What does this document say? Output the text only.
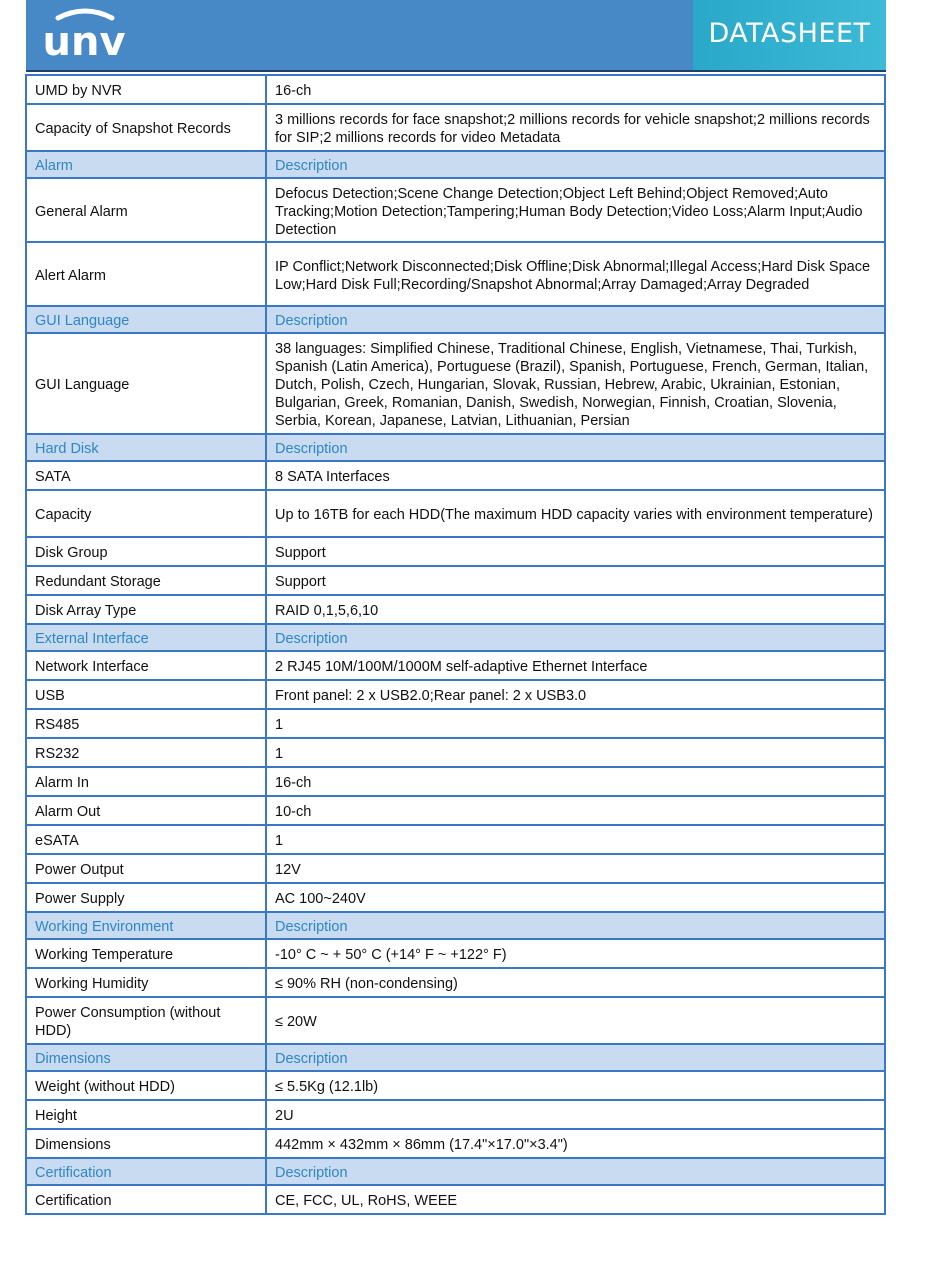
unv	DATASHEET
UMD by NVR	16-ch
Capacity of Snapshot Records	3 millions records for face snapshot;2 millions records for vehicle snapshot;2 millions records for SIP;2 millions records for video Metadata
Alarm	Description
General Alarm	Defocus Detection;Scene Change Detection;Object Left Behind;Object Removed;Auto Tracking;Motion Detection;Tampering;Human Body Detection;Video Loss;Alarm Input;Audio Detection
Alert Alarm	IP Conflict;Network Disconnected;Disk Offline;Disk Abnormal;Illegal Access;Hard Disk Space Low;Hard Disk Full;Recording/Snapshot Abnormal;Array Damaged;Array Degraded
GUI Language	Description
GUI Language	38 languages: Simplified Chinese, Traditional Chinese, English, Vietnamese, Thai, Turkish, Spanish (Latin America), Portuguese (Brazil), Spanish, Portuguese, French, German, Italian, Dutch, Polish, Czech, Hungarian, Slovak, Russian, Hebrew, Arabic, Ukrainian, Estonian, Bulgarian, Greek, Romanian, Danish, Swedish, Norwegian, Finnish, Croatian, Slovenia, Serbia, Korean, Japanese, Latvian, Lithuanian, Persian
Hard Disk	Description
SATA	8 SATA Interfaces
Capacity	Up to 16TB for each HDD(The maximum HDD capacity varies with environment temperature)
Disk Group	Support
Redundant Storage	Support
Disk Array Type	RAID 0,1,5,6,10
External Interface	Description
Network Interface	2 RJ45 10M/100M/1000M self-adaptive Ethernet Interface
USB	Front panel: 2 x USB2.0;Rear panel: 2 x USB3.0
RS485	1
RS232	1
Alarm In	16-ch
Alarm Out	10-ch
eSATA	1
Power Output	12V
Power Supply	AC 100~240V
Working Environment	Description
Working Temperature	-10° C ~ + 50° C (+14° F ~ +122° F)
Working Humidity	≤ 90% RH (non-condensing)
Power Consumption (without HDD)	≤ 20W
Dimensions	Description
Weight (without HDD)	≤ 5.5Kg (12.1lb)
Height	2U
Dimensions	442mm × 432mm × 86mm (17.4"×17.0"×3.4")
Certification	Description
Certification	CE, FCC, UL, RoHS, WEEE
